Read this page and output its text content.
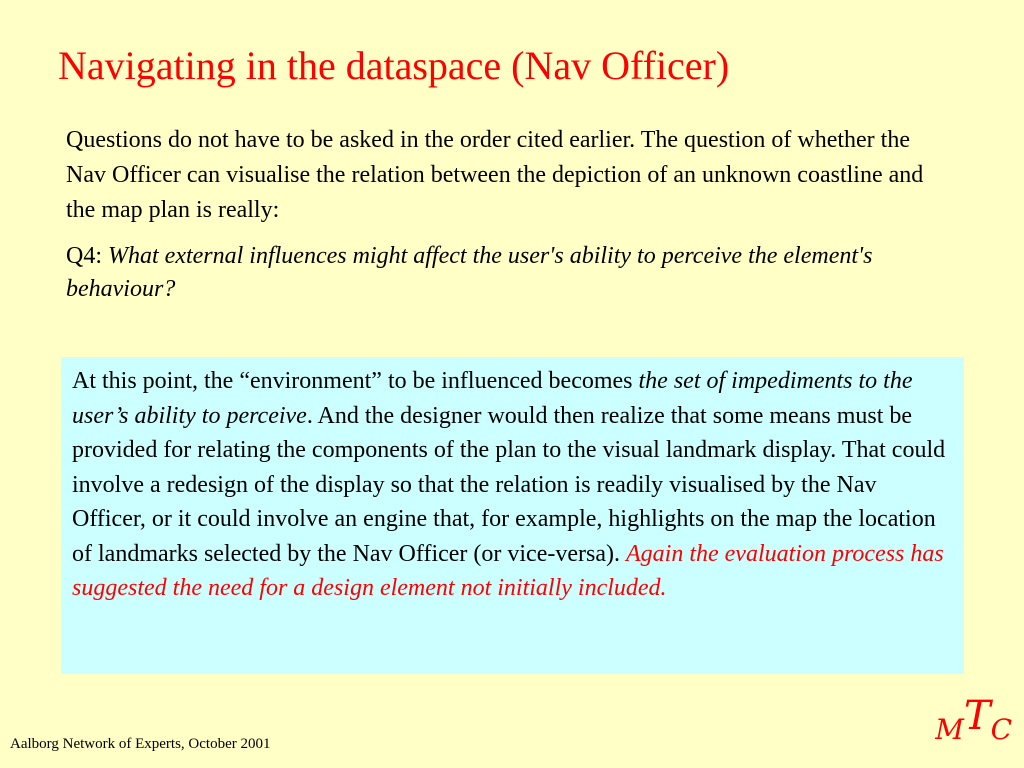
Navigating in the dataspace (Nav Officer)
Questions do not have to be asked in the order cited earlier. The question of whether the Nav Officer can visualise the relation between the depiction of an unknown coastline and the map plan is really:
Q4: What external influences might affect the user's ability to perceive the element's behaviour?
At this point, the “environment” to be influenced becomes the set of impediments to the user’s ability to perceive. And the designer would then realize that some means must be provided for relating the components of the plan to the visual landmark display. That could involve a redesign of the display so that the relation is readily visualised by the Nav Officer, or it could involve an engine that, for example, highlights on the map the location of landmarks selected by the Nav Officer (or vice-versa). Again the evaluation process has suggested the need for a design element not initially included.
Aalborg Network of Experts, October 2001	MTC
